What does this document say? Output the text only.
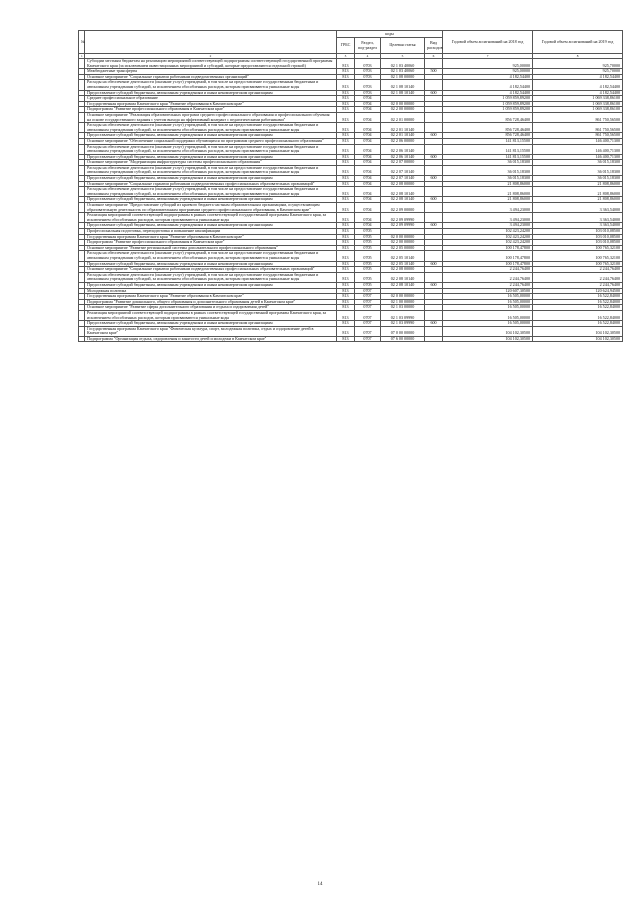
№		коды				Годовой объем ассигнований на 2018 год	Годовой объем ассигнований на 2019 год
		ГРБС	Раздел, под-раздел	Целевая статья	Вид расходов		
1	2	3	4	5	6	7	8
	Субсидии местным бюджетам на реализацию мероприятий соответствующей подпрограммы соответствующей государственной программы Камчатского края (за исключением инвестиционных мероприятий и субсидий, которые предоставляются отдельной строкой)	813	0703	02 1 03 40060		925,00000	925,70000
	Межбюджетные трансферты	813	0703	02 1 03 40060	500	925,00000	925,70000
	Основное мероприятие "Социальные гарантии работникам подведомственных организаций"	813	0703	02 1 08 00000		4 182,54400	4 182,54400
	Расходы на обеспечение деятельности (оказание услуг) учреждений, в том числе на предоставление государственным бюджетным и автономным учреждениям субсидий, за исключением обособленных расходов, которым присваиваются уникальные коды	813	0703	02 1 08 10140		4 182,54400	4 182,54400
	Предоставление субсидий бюджетным, автономным учреждениям и иным некоммерческим организациям	813	0703	02 1 08 10140	600	4 182,54400	4 182,54400
	Среднее профессиональное образование	813	0704			1 059 859,89200	1 069 338,86100
	Государственная программа Камчатского края "Развитие образования в Камчатском крае"	813	0704	02 0 00 00000		1 059 859,89200	1 069 338,86100
	Подпрограмма "Развитие профессионального образования в Камчатском крае"	813	0704	02 2 00 00000		1 059 859,89200	1 069 338,86100
	Основное мероприятие "Реализация образовательных программ среднего профессионального образования и профессионального обучения на основе государственного задания с учетом выхода на эффективный контракт с педагогическими работниками"	813	0704	02 2 01 00000		856 728,46400	861 750,56500
	Расходы на обеспечение деятельности (оказание услуг) учреждений, в том числе на предоставление государственным бюджетным и автономным учреждениям субсидий, за исключением обособленных расходов, которым присваиваются уникальные коды	813	0704	02 2 01 10140		856 728,46400	861 750,56500
	Предоставление субсидий бюджетным, автономным учреждениям и иным некоммерческим организациям	813	0704	02 2 01 10140	600	856 728,46400	861 750,56500
	Основное мероприятие "Обеспечение социальной поддержки обучающихся по программам среднего профессионального образования"	813	0704	02 2 06 00000		141 813,15500	146 400,71300
	Расходы на обеспечение деятельности (оказание услуг) учреждений, в том числе на предоставление государственным бюджетным и автономным учреждениям субсидий, за исключением обособленных расходов, которым присваиваются уникальные коды	813	0704	02 2 06 10140		141 813,15500	146 400,71300
	Предоставление субсидий бюджетным, автономным учреждениям и иным некоммерческим организациям	813	0704	02 2 06 10140	600	141 813,15500	146 400,71300
	Основное мероприятие "Модернизация инфраструктуры системы профессионального образования"	813	0704	02 2 07 00000		36 015,18300	36 015,18300
	Расходы на обеспечение деятельности (оказание услуг) учреждений, в том числе на предоставление государственным бюджетным и автономным учреждениям субсидий, за исключением обособленных расходов, которым присваиваются уникальные коды	813	0704	02 2 07 10140		36 015,18300	36 015,18300
	Предоставление субсидий бюджетным, автономным учреждениям и иным некоммерческим организациям	813	0704	02 2 07 10140	600	36 015,18300	36 015,18300
	Основное мероприятие "Социальные гарантии работникам подведомственных профессиональных образовательных организаций"	813	0704	02 2 08 00000		21 808,86000	21 808,86000
	Расходы на обеспечение деятельности (оказание услуг) учреждений, в том числе на предоставление государственным бюджетным и автономным учреждениям субсидий, за исключением обособленных расходов, которым присваиваются уникальные коды	813	0704	02 2 08 10140		21 808,86000	21 808,86000
	Предоставление субсидий бюджетным, автономным учреждениям и иным некоммерческим организациям	813	0704	02 2 08 10140	600	21 808,86000	21 808,86000
	Основное мероприятие "Предоставление субсидий из краевого бюджета частным образовательным организациям, осуществляющим образовательную деятельность по образовательным программам среднего профессионального образования, в Камчатском крае"	813	0704	02 2 09 00000		3 494,23000	3 363,54000
	Реализация мероприятий соответствующей подпрограммы в рамках соответствующей государственной программы Камчатского края, за исключением обособленных расходов, которым присваиваются уникальные коды	813	0704	02 2 09 09990		3 494,23000	3 363,54000
	Предоставление субсидий бюджетным, автономным учреждениям и иным некоммерческим организациям	813	0704	02 2 09 09990	600	3 494,23000	3 363,54000
	Профессиональная подготовка, переподготовка и повышение квалификации	813	0705			102 423,24200	103 010,08500
	Государственная программа Камчатского края "Развитие образования в Камчатском крае"	813	0705	02 0 00 00000		102 423,24200	103 010,08500
	Подпрограмма "Развитие профессионального образования в Камчатском крае"	813	0705	02 2 00 00000		102 423,24200	103 010,08500
	Основное мероприятие "Развитие региональной системы дополнительного профессионального образования"	813	0705	02 2 05 00000		100 178,47800	100 765,32100
	Расходы на обеспечение деятельности (оказание услуг) учреждений, в том числе на предоставление государственным бюджетным и автономным учреждениям субсидий, за исключением обособленных расходов, которым присваиваются уникальные коды	813	0705	02 2 05 10140		100 178,47800	100 765,32100
	Предоставление субсидий бюджетным, автономным учреждениям и иным некоммерческим организациям	813	0705	02 2 05 10140	600	100 178,47800	100 765,32100
	Основное мероприятие "Социальные гарантии работникам подведомственных профессиональных образовательных организаций"	813	0705	02 2 08 00000		2 244,76400	2 244,76400
	Расходы на обеспечение деятельности (оказание услуг) учреждений, в том числе на предоставление государственным бюджетным и автономным учреждениям субсидий, за исключением обособленных расходов, которым присваиваются уникальные коды	813	0705	02 2 08 10140		2 244,76400	2 244,76400
	Предоставление субсидий бюджетным, автономным учреждениям и иным некоммерческим организациям	813	0705	02 2 08 10140	600	2 244,76400	2 244,76400
	Молодежная политика	813	0707			120 607,30500	120 624,94500
	Государственная программа Камчатского края "Развитие образования в Камчатском крае"	813	0707	02 0 00 00000		16 505,00000	16 522,84000
	Подпрограмма "Развитие дошкольного, общего образования и дополнительного образования детей в Камчатском крае"	813	0707	02 1 00 00000		16 505,00000	16 522,84000
	Основное мероприятие "Развитие сферы дополнительного образования и отдыха и оздоровления детей"	813	0707	02 1 03 00000		16 505,00000	16 522,84000
	Реализация мероприятий соответствующей подпрограммы в рамках соответствующей государственной программы Камчатского края, за исключением обособленных расходов, которым присваиваются уникальные коды	813	0707	02 1 03 09990		16 505,00000	16 522,84000
	Предоставление субсидий бюджетным, автономным учреждениям и иным некоммерческим организациям	813	0707	02 1 03 09990	600	16 505,00000	16 522,84000
	Государственная программа Камчатского края "Физическая культура, спорт, молодежная политика, отдых и оздоровление детей в Камчатском крае"	813	0707	07 0 00 00000		104 102,30500	104 102,30500
	Подпрограмма "Организация отдыха, оздоровления и занятости детей и молодежи в Камчатском крае"	813	0707	07 6 00 00000		104 102,30500	104 102,30500
14
